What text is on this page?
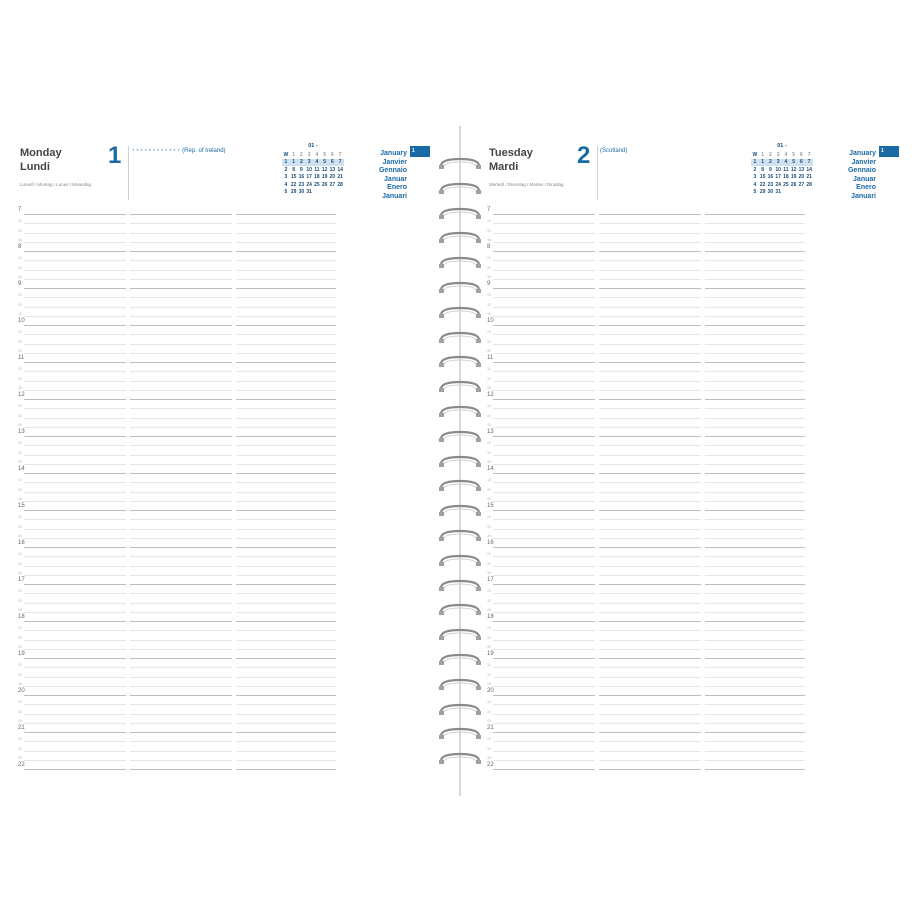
Monday
Lundi
Lunedì / Montag / Lunes / Maandag
1 ◔◔◔◔◔◔◔◔◔◔◔◔ (Rep. of Ireland)
01 -
W 1 2 3 4 5 6 7
1 1 2 3 4 5 6 7
2 8 9 10 11 12 13 14
3 15 16 17 18 19 20 21
4 22 23 24 25 26 27 28
5 29 30 31
January
Janvier
Gennaio
Januar
Enero
Januari
1
7
15
30
45
8
15
30
45
9
15
30
45
10
15
30
45
11
15
30
45
12
15
30
45
13
15
30
45
14
15
30
45
15
15
30
45
16
15
30
45
17
15
30
45
18
15
30
45
19
15
30
45
20
15
30
45
21
15
30
45
22
Tuesday
Mardi
Martedì / Dienstag / Martes / Dinsdag
2 (Scotland)
01 -
W 1 2 3 4 5 6 7
1 1 2 3 4 5 6 7
2 8 9 10 11 12 13 14
3 15 16 17 18 19 20 21
4 22 23 24 25 26 27 28
5 29 30 31
January
Janvier
Gennaio
Januar
Enero
Januari
1
7
15
30
45
8
15
30
45
9
15
30
45
10
15
30
45
11
15
30
45
12
15
30
45
13
15
30
45
14
15
30
45
15
15
30
45
16
15
30
45
17
15
30
45
18
15
30
45
19
15
30
45
20
15
30
45
21
15
30
45
22
